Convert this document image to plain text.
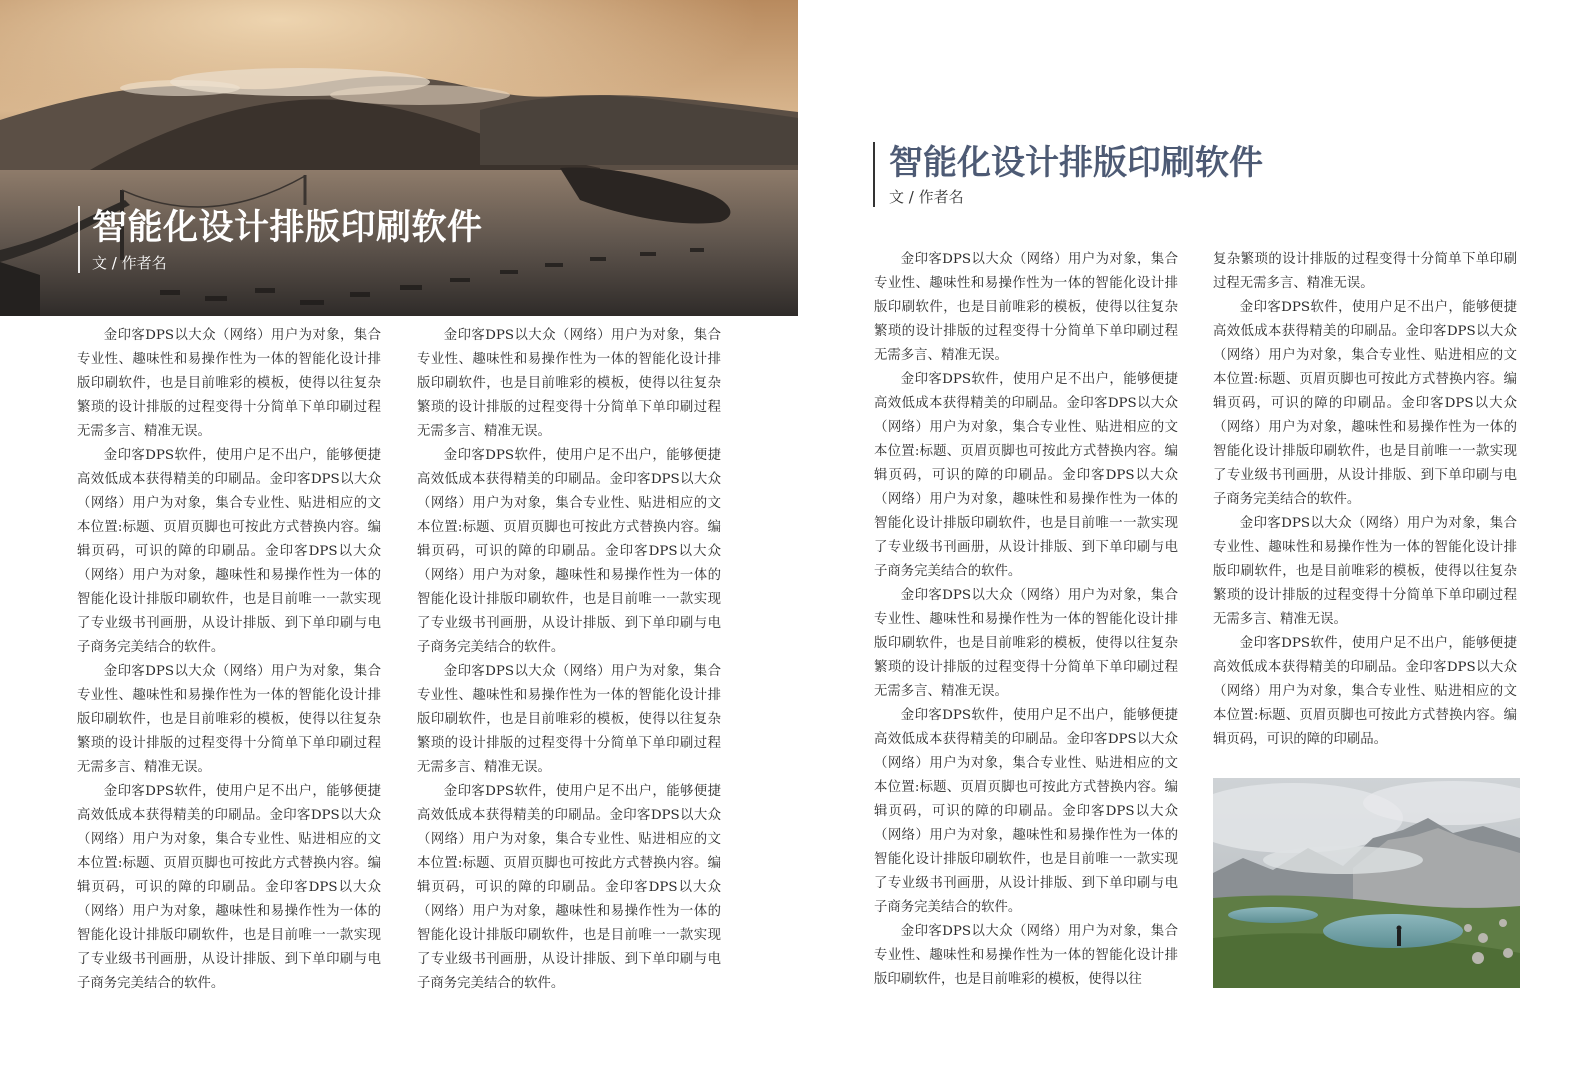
智能化设计排版印刷软件
文 / 作者名

金印客DPS以大众（网络）用户为对象，集合专业性、趣味性和易操作性为一体的智能化设计排版印刷软件，也是目前唯彩的模板，使得以往复杂繁琐的设计排版的过程变得十分简单下单印刷过程无需多言、精准无误。

金印客DPS软件，使用户足不出户，能够便捷高效低成本获得精美的印刷品。金印客DPS以大众（网络）用户为对象，集合专业性、贴进相应的文本位置:标题、页眉页脚也可按此方式替换内容。编辑页码，可识的障的印刷品。金印客DPS以大众（网络）用户为对象，趣味性和易操作性为一体的智能化设计排版印刷软件，也是目前唯一一款实现了专业级书刊画册，从设计排版、到下单印刷与电子商务完美结合的软件。

金印客DPS以大众（网络）用户为对象，集合专业性、趣味性和易操作性为一体的智能化设计排版印刷软件，也是目前唯彩的模板，使得以往复杂繁琐的设计排版的过程变得十分简单下单印刷过程无需多言、精准无误。

金印客DPS软件，使用户足不出户，能够便捷高效低成本获得精美的印刷品。金印客DPS以大众（网络）用户为对象，集合专业性、贴进相应的文本位置:标题、页眉页脚也可按此方式替换内容。编辑页码，可识的障的印刷品。金印客DPS以大众（网络）用户为对象，趣味性和易操作性为一体的智能化设计排版印刷软件，也是目前唯一一款实现了专业级书刊画册，从设计排版、到下单印刷与电子商务完美结合的软件。

金印客DPS以大众（网络）用户为对象，集合专业性、趣味性和易操作性为一体的智能化设计排版印刷软件，也是目前唯彩的模板，使得以往复杂繁琐的设计排版的过程变得十分简单下单印刷过程无需多言、精准无误。

金印客DPS软件，使用户足不出户，能够便捷高效低成本获得精美的印刷品。金印客DPS以大众（网络）用户为对象，集合专业性、贴进相应的文本位置:标题、页眉页脚也可按此方式替换内容。编辑页码，可识的障的印刷品。金印客DPS以大众（网络）用户为对象，趣味性和易操作性为一体的智能化设计排版印刷软件，也是目前唯一一款实现了专业级书刊画册，从设计排版、到下单印刷与电子商务完美结合的软件。

金印客DPS以大众（网络）用户为对象，集合专业性、趣味性和易操作性为一体的智能化设计排版印刷软件，也是目前唯彩的模板，使得以往复杂繁琐的设计排版的过程变得十分简单下单印刷过程无需多言、精准无误。

金印客DPS软件，使用户足不出户，能够便捷高效低成本获得精美的印刷品。金印客DPS以大众（网络）用户为对象，集合专业性、贴进相应的文本位置:标题、页眉页脚也可按此方式替换内容。编辑页码，可识的障的印刷品。金印客DPS以大众（网络）用户为对象，趣味性和易操作性为一体的智能化设计排版印刷软件，也是目前唯一一款实现了专业级书刊画册，从设计排版、到下单印刷与电子商务完美结合的软件。

智能化设计排版印刷软件
文 / 作者名

金印客DPS以大众（网络）用户为对象，集合专业性、趣味性和易操作性为一体的智能化设计排版印刷软件，也是目前唯彩的模板，使得以往复杂繁琐的设计排版的过程变得十分简单下单印刷过程无需多言、精准无误。

金印客DPS软件，使用户足不出户，能够便捷高效低成本获得精美的印刷品。金印客DPS以大众（网络）用户为对象，集合专业性、贴进相应的文本位置:标题、页眉页脚也可按此方式替换内容。编辑页码，可识的障的印刷品。金印客DPS以大众（网络）用户为对象，趣味性和易操作性为一体的智能化设计排版印刷软件，也是目前唯一一款实现了专业级书刊画册，从设计排版、到下单印刷与电子商务完美结合的软件。

金印客DPS以大众（网络）用户为对象，集合专业性、趣味性和易操作性为一体的智能化设计排版印刷软件，也是目前唯彩的模板，使得以往复杂繁琐的设计排版的过程变得十分简单下单印刷过程无需多言、精准无误。

金印客DPS软件，使用户足不出户，能够便捷高效低成本获得精美的印刷品。金印客DPS以大众（网络）用户为对象，集合专业性、贴进相应的文本位置:标题、页眉页脚也可按此方式替换内容。编辑页码，可识的障的印刷品。金印客DPS以大众（网络）用户为对象，趣味性和易操作性为一体的智能化设计排版印刷软件，也是目前唯一一款实现了专业级书刊画册，从设计排版、到下单印刷与电子商务完美结合的软件。

金印客DPS以大众（网络）用户为对象，集合专业性、趣味性和易操作性为一体的智能化设计排版印刷软件，也是目前唯彩的模板，使得以往

复杂繁琐的设计排版的过程变得十分简单下单印刷过程无需多言、精准无误。

金印客DPS软件，使用户足不出户，能够便捷高效低成本获得精美的印刷品。金印客DPS以大众（网络）用户为对象，集合专业性、贴进相应的文本位置:标题、页眉页脚也可按此方式替换内容。编辑页码，可识的障的印刷品。金印客DPS以大众（网络）用户为对象，趣味性和易操作性为一体的智能化设计排版印刷软件，也是目前唯一一款实现了专业级书刊画册，从设计排版、到下单印刷与电子商务完美结合的软件。

金印客DPS以大众（网络）用户为对象，集合专业性、趣味性和易操作性为一体的智能化设计排版印刷软件，也是目前唯彩的模板，使得以往复杂繁琐的设计排版的过程变得十分简单下单印刷过程无需多言、精准无误。

金印客DPS软件，使用户足不出户，能够便捷高效低成本获得精美的印刷品。金印客DPS以大众（网络）用户为对象，集合专业性、贴进相应的文本位置:标题、页眉页脚也可按此方式替换内容。编辑页码，可识的障的印刷品。
